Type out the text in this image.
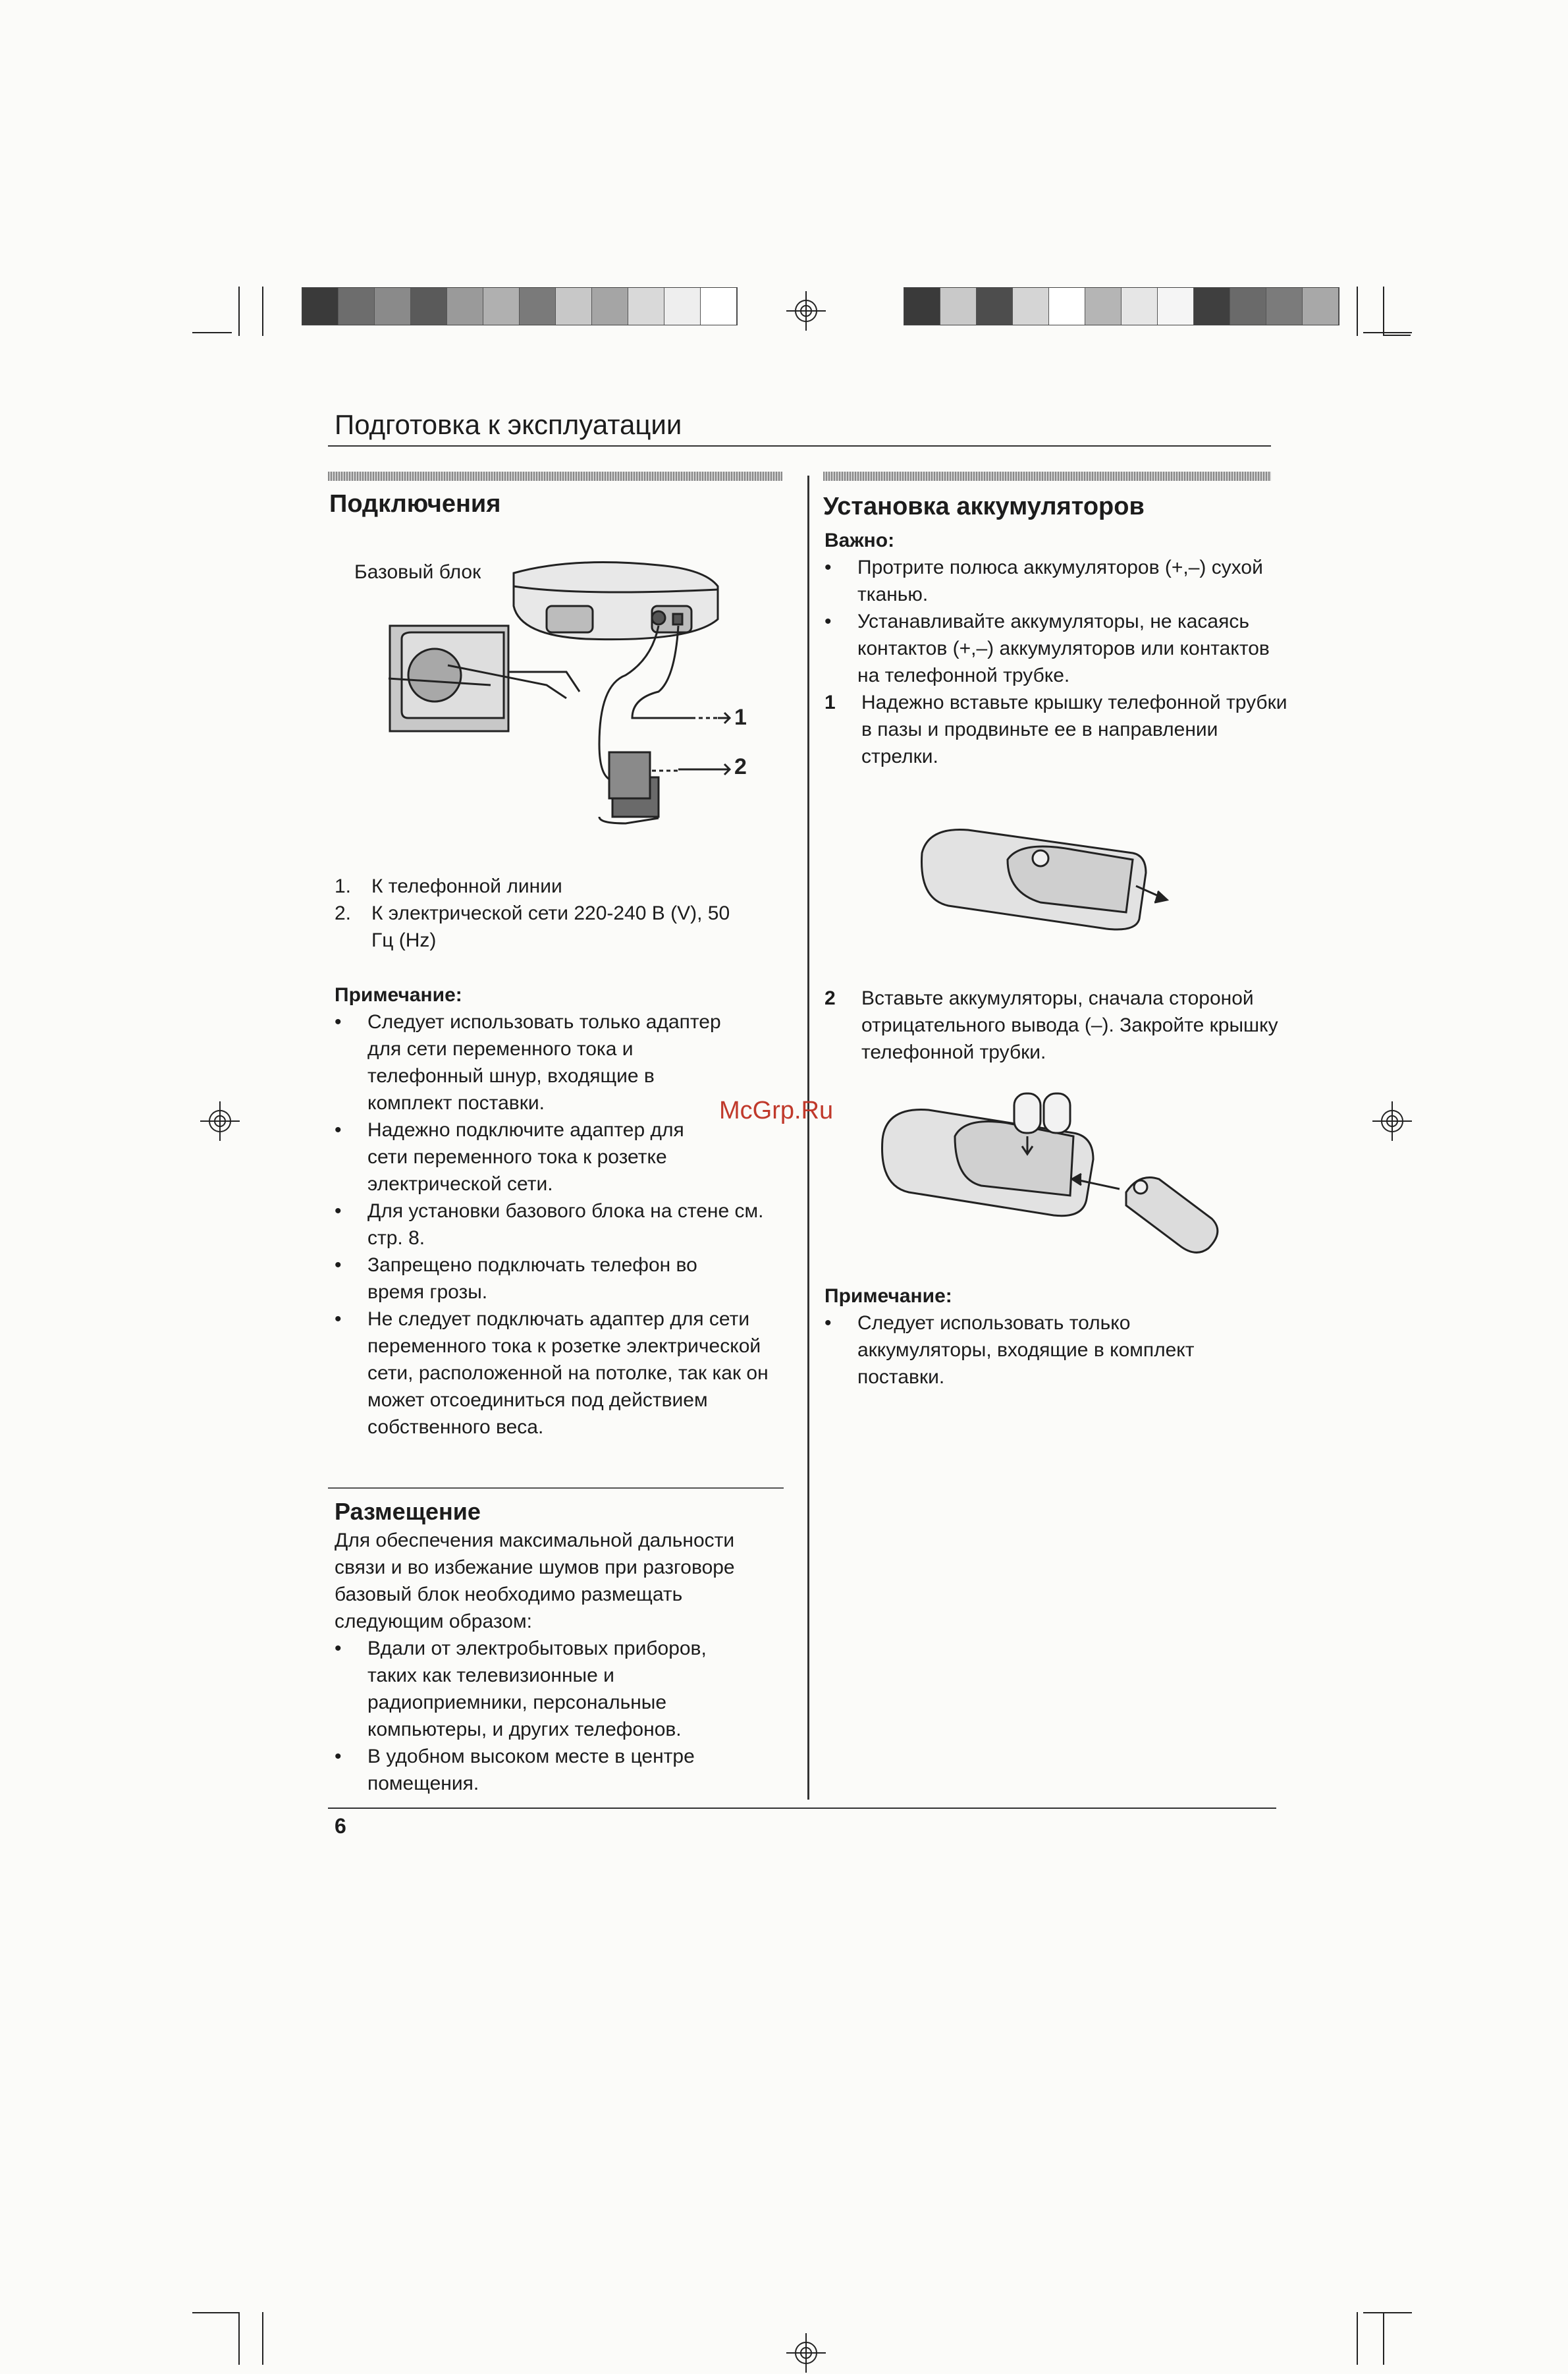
Подготовка к эксплуатации
Подключения
Базовый блок
1
2
1. К телефонной линии
2. К электрической сети 220-240 В (V), 50 Гц (Hz)
Примечание:
• Следует использовать только адаптер для сети переменного тока и телефонный шнур, входящие в комплект поставки.
• Надежно подключите адаптер для сети переменного тока к розетке электрической сети.
• Для установки базового блока на стене см. стр. 8.
• Запрещено подключать телефон во время грозы.
• Не следует подключать адаптер для сети переменного тока к розетке электрической сети, расположенной на потолке, так как он может отсоединиться под действием собственного веса.
Размещение
Для обеспечения максимальной дальности связи и во избежание шумов при разговоре базовый блок необходимо размещать следующим образом:
• Вдали от электробытовых приборов, таких как телевизионные и радиоприемники, персональные компьютеры, и других телефонов.
• В удобном высоком месте в центре помещения.
Установка аккумуляторов
Важно:
• Протрите полюса аккумуляторов (+,–) сухой тканью.
• Устанавливайте аккумуляторы, не касаясь контактов (+,–) аккумуляторов или контактов на телефонной трубке.
1 Надежно вставьте крышку телефонной трубки в пазы и продвиньте ее в направлении стрелки.
2 Вставьте аккумуляторы, сначала стороной отрицательного вывода (–). Закройте крышку телефонной трубки.
McGrp.Ru
Примечание:
• Следует использовать только аккумуляторы, входящие в комплект поставки.
6
